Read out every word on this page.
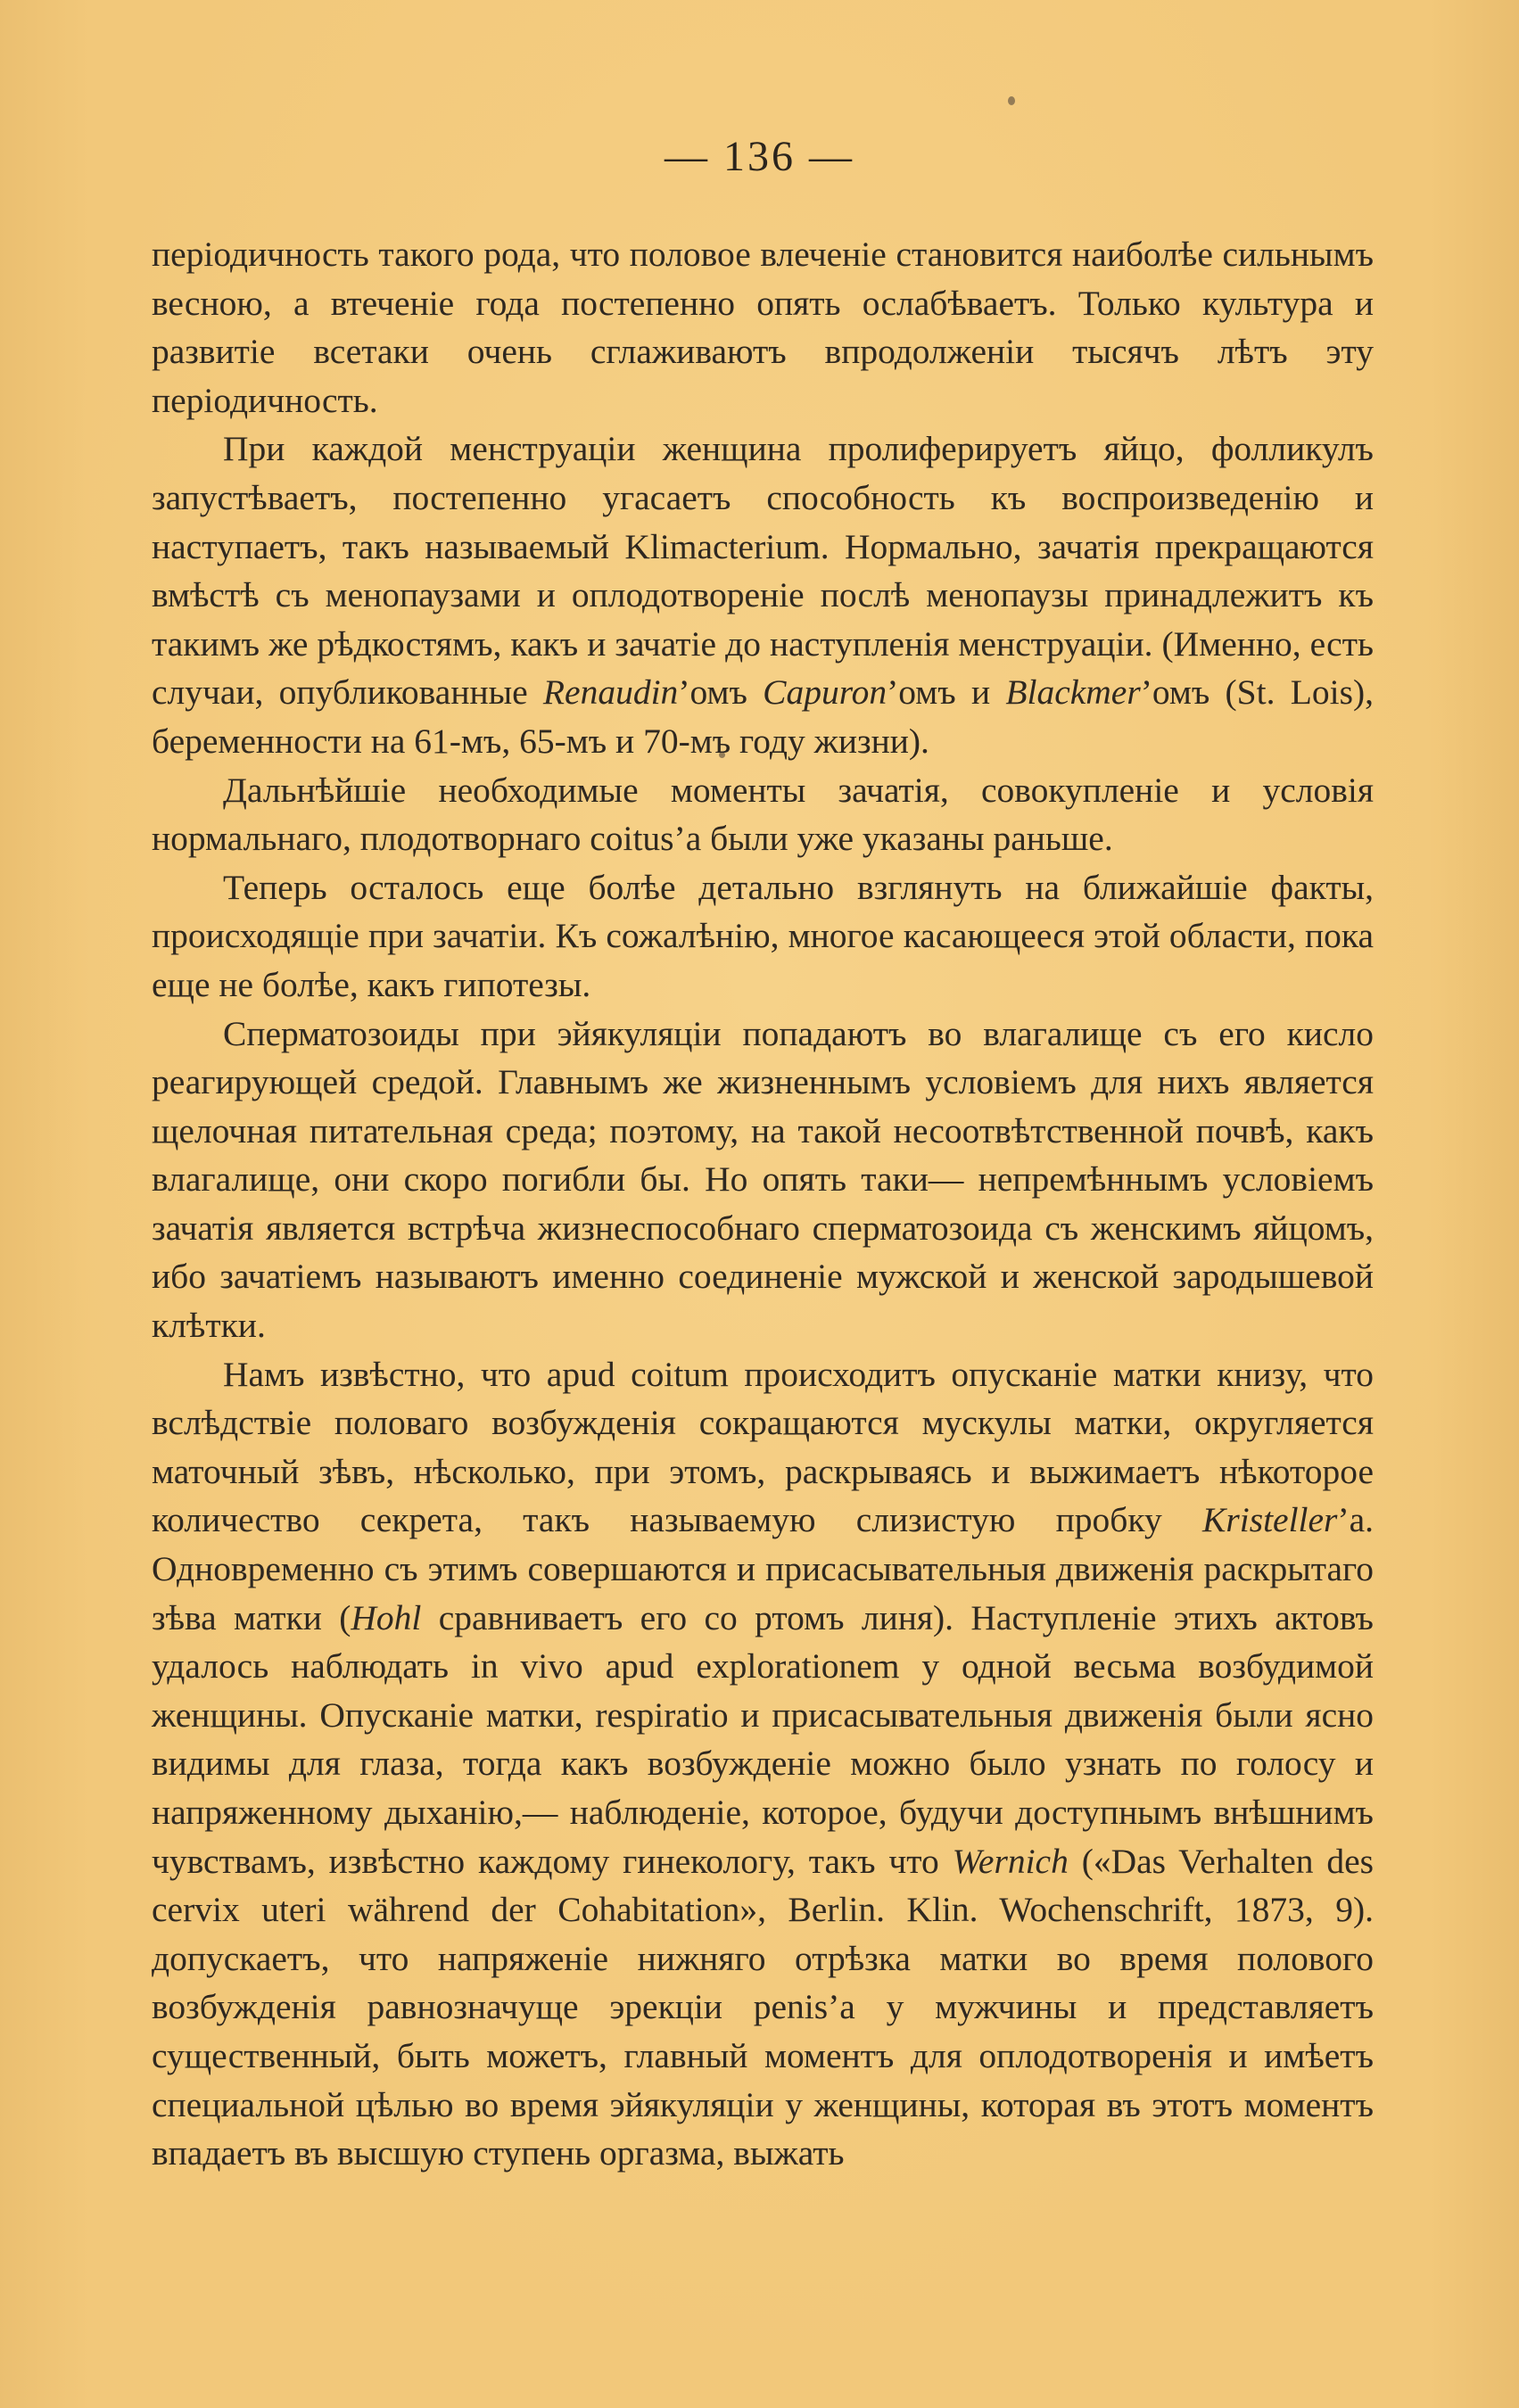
— 136 —

періодичность такого рода, что половое влеченіе становится наиболѣе сильнымъ весною, а втеченіе года постепенно опять ослабѣваетъ. Только культура и развитіе всетаки очень сглаживаютъ впродолженіи тысячъ лѣтъ эту періодичность.

При каждой менструаціи женщина пролиферируетъ яйцо, фолликулъ запустѣваетъ, постепенно угасаетъ способность къ воспроизведенію и наступаетъ, такъ называемый Klimacterium. Нормально, зачатія прекращаются вмѣстѣ съ менопаузами и оплодотвореніе послѣ менопаузы принадлежитъ къ такимъ же рѣдкостямъ, какъ и зачатіе до наступленія менструаціи. (Именно, есть случаи, опубликованные Renaudin’омъ Capuron’омъ и Blackmer’омъ (St. Lois), беременности на 61-мъ, 65-мъ и 70-мъ году жизни).

Дальнѣйшіе необходимые моменты зачатія, совокупленіе и условія нормальнаго, плодотворнаго coitus’а были уже указаны раньше.

Теперь осталось еще болѣе детально взглянуть на ближайшіе факты, происходящіе при зачатіи. Къ сожалѣнію, многое касающееся этой области, пока еще не болѣе, какъ гипотезы.

Сперматозоиды при эйякуляціи попадаютъ во влагалище съ его кисло реагирующей средой. Главнымъ же жизненнымъ условіемъ для нихъ является щелочная питательная среда; поэтому, на такой несоотвѣтственной почвѣ, какъ влагалище, они скоро погибли бы. Но опять таки— непремѣннымъ условіемъ зачатія является встрѣча жизнеспособнаго сперматозоида съ женскимъ яйцомъ, ибо зачатіемъ называютъ именно соединеніе мужской и женской зародышевой клѣтки.

Намъ извѣстно, что apud coitum происходитъ опусканіе матки книзу, что вслѣдствіе половаго возбужденія сокращаются мускулы матки, округляется маточный зѣвъ, нѣсколько, при этомъ, раскрываясь и выжимаетъ нѣкоторое количество секрета, такъ называемую слизистую пробку Kristeller’а. Одновременно съ этимъ совершаются и присасывательныя движенія раскрытаго зѣва матки (Hohl сравниваетъ его со ртомъ линя). Наступленіе этихъ актовъ удалось наблюдать in vivo apud explorationem у одной весьма возбудимой женщины. Опусканіе матки, respiratio и присасывательныя движенія были ясно видимы для глаза, тогда какъ возбужденіе можно было узнать по голосу и напряженному дыханію,— наблюденіе, которое, будучи доступнымъ внѣшнимъ чувствамъ, извѣстно каждому гинекологу, такъ что Wernich («Das Verhalten des cervix uteri während der Cohabitation», Berlin. Klin. Wochenschrift, 1873, 9). допускаетъ, что напряженіе нижняго отрѣзка матки во время полового возбужденія равнозначуще эрекціи penis’а у мужчины и представляетъ существенный, быть можетъ, главный моментъ для оплодотворенія и имѣетъ специальной цѣлью во время эйякуляціи у женщины, которая въ этотъ моментъ впадаетъ въ высшую ступень оргазма, выжать
